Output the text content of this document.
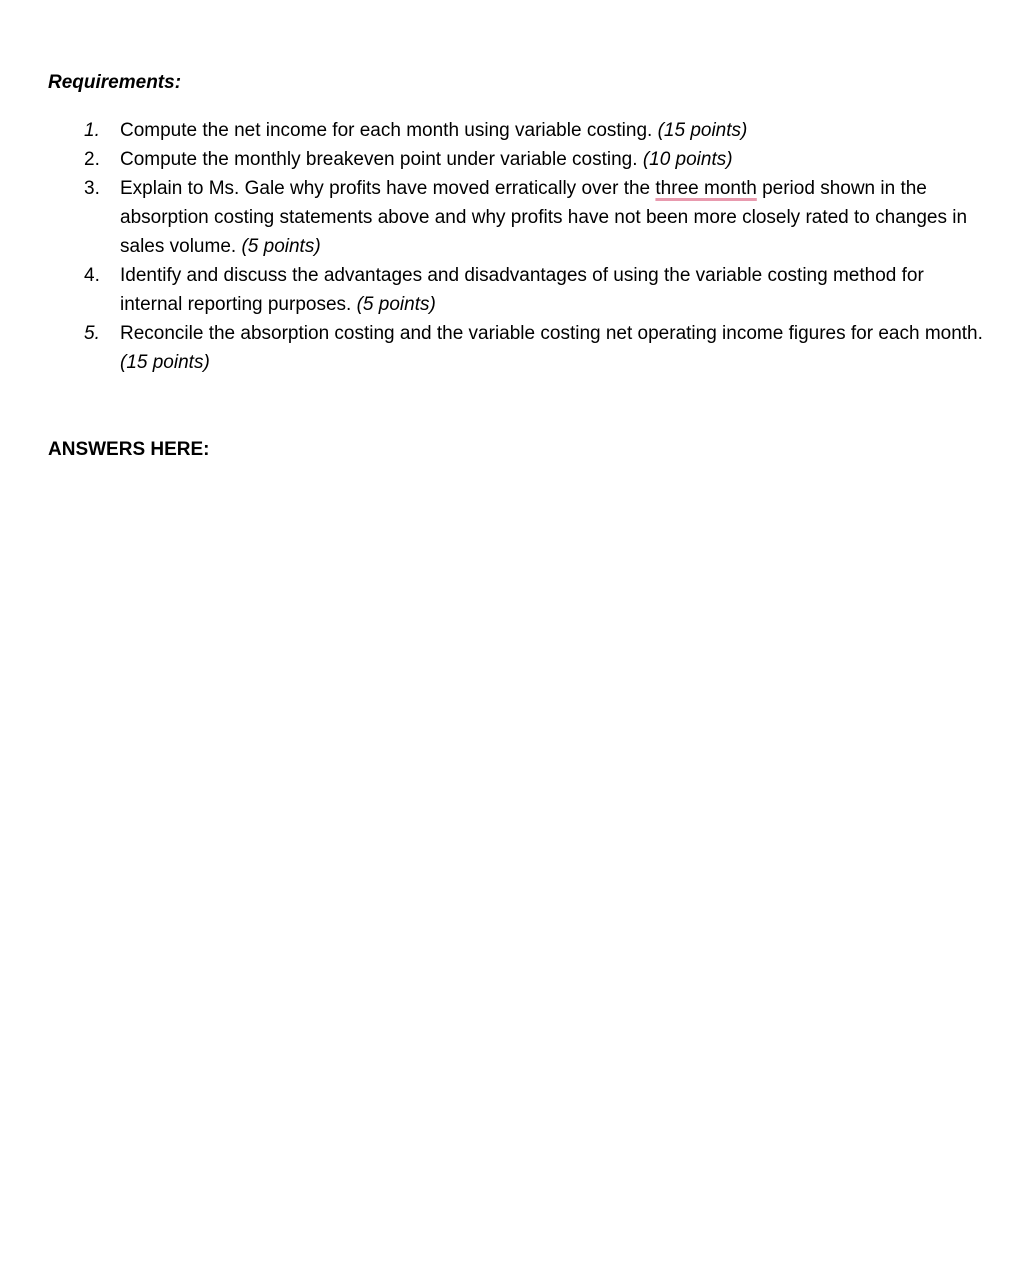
Requirements:
1.	Compute the net income for each month using variable costing. (15 points)
2.	Compute the monthly breakeven point under variable costing. (10 points)
3.	Explain to Ms. Gale why profits have moved erratically over the three month period shown in the absorption costing statements above and why profits have not been more closely rated to changes in sales volume. (5 points)
4.	Identify and discuss the advantages and disadvantages of using the variable costing method for internal reporting purposes. (5 points)
5.	Reconcile the absorption costing and the variable costing net operating income figures for each month. (15 points)
ANSWERS HERE:
